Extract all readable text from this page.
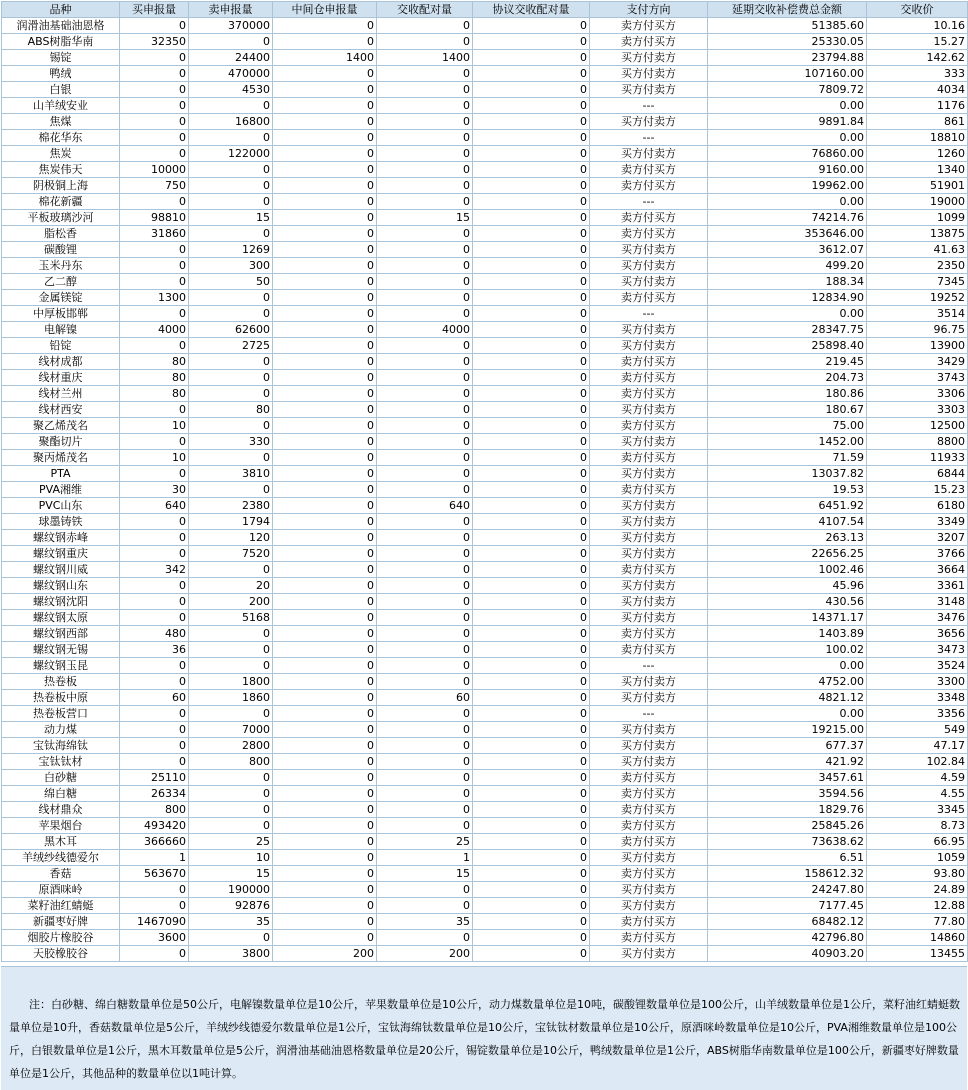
品种	买申报量	卖申报量	中间仓申报量	交收配对量	协议交收配对量	支付方向	延期交收补偿费总金额	交收价
润滑油基础油恩格	0	370000	0	0	0	卖方付买方	51385.60	10.16
ABS树脂华南	32350	0	0	0	0	卖方付买方	25330.05	15.27
锡锭	0	24400	1400	1400	0	买方付卖方	23794.88	142.62
鸭绒	0	470000	0	0	0	买方付卖方	107160.00	333
白银	0	4530	0	0	0	买方付卖方	7809.72	4034
山羊绒安业	0	0	0	0	0	---	0.00	1176
焦煤	0	16800	0	0	0	买方付卖方	9891.84	861
棉花华东	0	0	0	0	0	---	0.00	18810
焦炭	0	122000	0	0	0	买方付卖方	76860.00	1260
焦炭伟天	10000	0	0	0	0	卖方付买方	9160.00	1340
阴极铜上海	750	0	0	0	0	卖方付买方	19962.00	51901
棉花新疆	0	0	0	0	0	---	0.00	19000
平板玻璃沙河	98810	15	0	15	0	卖方付买方	74214.76	1099
脂松香	31860	0	0	0	0	卖方付买方	353646.00	13875
碳酸锂	0	1269	0	0	0	买方付卖方	3612.07	41.63
玉米丹东	0	300	0	0	0	买方付卖方	499.20	2350
乙二醇	0	50	0	0	0	买方付卖方	188.34	7345
金属镁锭	1300	0	0	0	0	卖方付买方	12834.90	19252
中厚板邯郸	0	0	0	0	0	---	0.00	3514
电解镍	4000	62600	0	4000	0	买方付卖方	28347.75	96.75
铅锭	0	2725	0	0	0	买方付卖方	25898.40	13900
线材成都	80	0	0	0	0	卖方付买方	219.45	3429
线材重庆	80	0	0	0	0	卖方付买方	204.73	3743
线材兰州	80	0	0	0	0	卖方付买方	180.86	3306
线材西安	0	80	0	0	0	买方付卖方	180.67	3303
聚乙烯茂名	10	0	0	0	0	卖方付买方	75.00	12500
聚酯切片	0	330	0	0	0	买方付卖方	1452.00	8800
聚丙烯茂名	10	0	0	0	0	卖方付买方	71.59	11933
PTA	0	3810	0	0	0	买方付卖方	13037.82	6844
PVA湘维	30	0	0	0	0	卖方付买方	19.53	15.23
PVC山东	640	2380	0	640	0	买方付卖方	6451.92	6180
球墨铸铁	0	1794	0	0	0	买方付卖方	4107.54	3349
螺纹钢赤峰	0	120	0	0	0	买方付卖方	263.13	3207
螺纹钢重庆	0	7520	0	0	0	买方付卖方	22656.25	3766
螺纹钢川威	342	0	0	0	0	卖方付买方	1002.46	3664
螺纹钢山东	0	20	0	0	0	买方付卖方	45.96	3361
螺纹钢沈阳	0	200	0	0	0	买方付卖方	430.56	3148
螺纹钢太原	0	5168	0	0	0	买方付卖方	14371.17	3476
螺纹钢西部	480	0	0	0	0	卖方付买方	1403.89	3656
螺纹钢无锡	36	0	0	0	0	卖方付买方	100.02	3473
螺纹钢玉昆	0	0	0	0	0	---	0.00	3524
热卷板	0	1800	0	0	0	买方付卖方	4752.00	3300
热卷板中原	60	1860	0	60	0	买方付卖方	4821.12	3348
热卷板营口	0	0	0	0	0	---	0.00	3356
动力煤	0	7000	0	0	0	买方付卖方	19215.00	549
宝钛海绵钛	0	2800	0	0	0	买方付卖方	677.37	47.17
宝钛钛材	0	800	0	0	0	买方付卖方	421.92	102.84
白砂糖	25110	0	0	0	0	卖方付买方	3457.61	4.59
绵白糖	26334	0	0	0	0	卖方付买方	3594.56	4.55
线材鼎众	800	0	0	0	0	卖方付买方	1829.76	3345
苹果烟台	493420	0	0	0	0	卖方付买方	25845.26	8.73
黑木耳	366660	25	0	25	0	卖方付买方	73638.62	66.95
羊绒纱线德爱尔	1	10	0	1	0	买方付卖方	6.51	1059
香菇	563670	15	0	15	0	卖方付买方	158612.32	93.80
原酒咪岭	0	190000	0	0	0	买方付卖方	24247.80	24.89
菜籽油红蜻蜓	0	92876	0	0	0	买方付卖方	7177.45	12.88
新疆枣好牌	1467090	35	0	35	0	卖方付买方	68482.12	77.80
烟胶片橡胶谷	3600	0	0	0	0	卖方付买方	42796.80	14860
天胶橡胶谷	0	3800	200	200	0	买方付卖方	40903.20	13455
注：白砂糖、绵白糖数量单位是50公斤，电解镍数量单位是10公斤，苹果数量单位是10公斤，动力煤数量单位是10吨，碳酸锂数量单位是100公斤，山羊绒数量单位是1公斤，菜籽油红蜻蜓数量单位是10升，香菇数量单位是5公斤，羊绒纱线德爱尔数量单位是1公斤，宝钛海绵钛数量单位是10公斤，宝钛钛材数量单位是10公斤，原酒咪岭数量单位是10公斤，PVA湘维数量单位是100公斤，白银数量单位是1公斤，黑木耳数量单位是5公斤，润滑油基础油恩格数量单位是20公斤，锡锭数量单位是10公斤，鸭绒数量单位是1公斤，ABS树脂华南数量单位是100公斤，新疆枣好牌数量单位是1公斤，其他品种的数量单位以1吨计算。
